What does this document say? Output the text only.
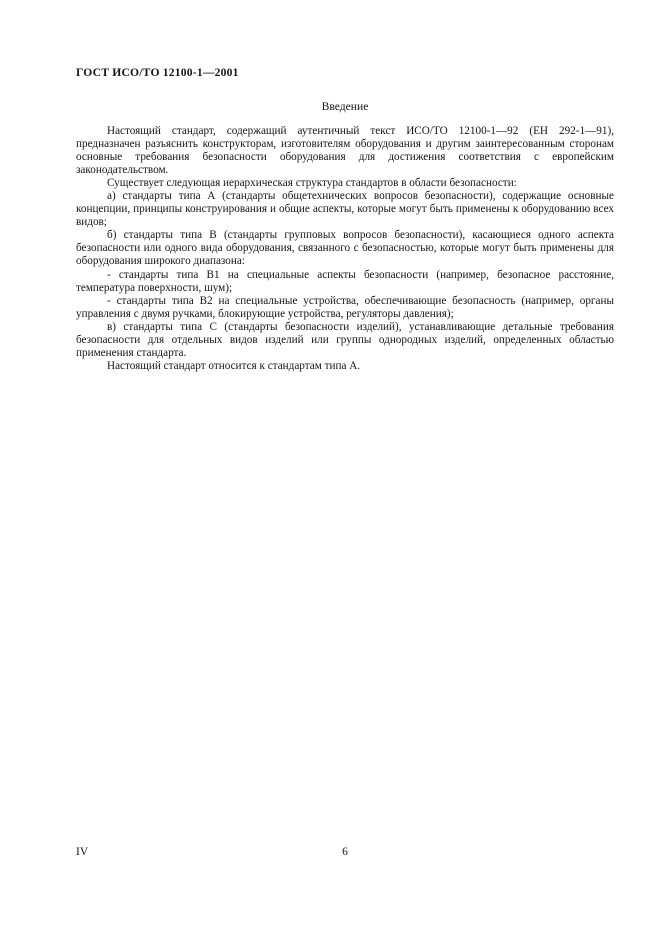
ГОСТ ИСО/ТО 12100-1—2001
Введение

Настоящий стандарт, содержащий аутентичный текст ИСО/ТО 12100-1—92 (ЕН 292-1—91), предназначен разъяснить конструкторам, изготовителям оборудования и другим заинтересованным сторонам основные требования безопасности оборудования для достижения соответствия с европейским законодательством.

Существует следующая иерархическая структура стандартов в области безопасности:

а) стандарты типа А (стандарты общетехнических вопросов безопасности), содержащие основные концепции, принципы конструирования и общие аспекты, которые могут быть применены к оборудованию всех видов;

б) стандарты типа В (стандарты групповых вопросов безопасности), касающиеся одного аспекта безопасности или одного вида оборудования, связанного с безопасностью, которые могут быть применены для оборудования широкого диапазона:

- стандарты типа В1 на специальные аспекты безопасности (например, безопасное расстояние, температура поверхности, шум);

- стандарты типа В2 на специальные устройства, обеспечивающие безопасность (например, органы управления с двумя ручками, блокирующие устройства, регуляторы давления);

в) стандарты типа С (стандарты безопасности изделий), устанавливающие детальные требования безопасности для отдельных видов изделий или группы однородных изделий, определенных областью применения стандарта.

Настоящий стандарт относится к стандартам типа А.

IV	6
